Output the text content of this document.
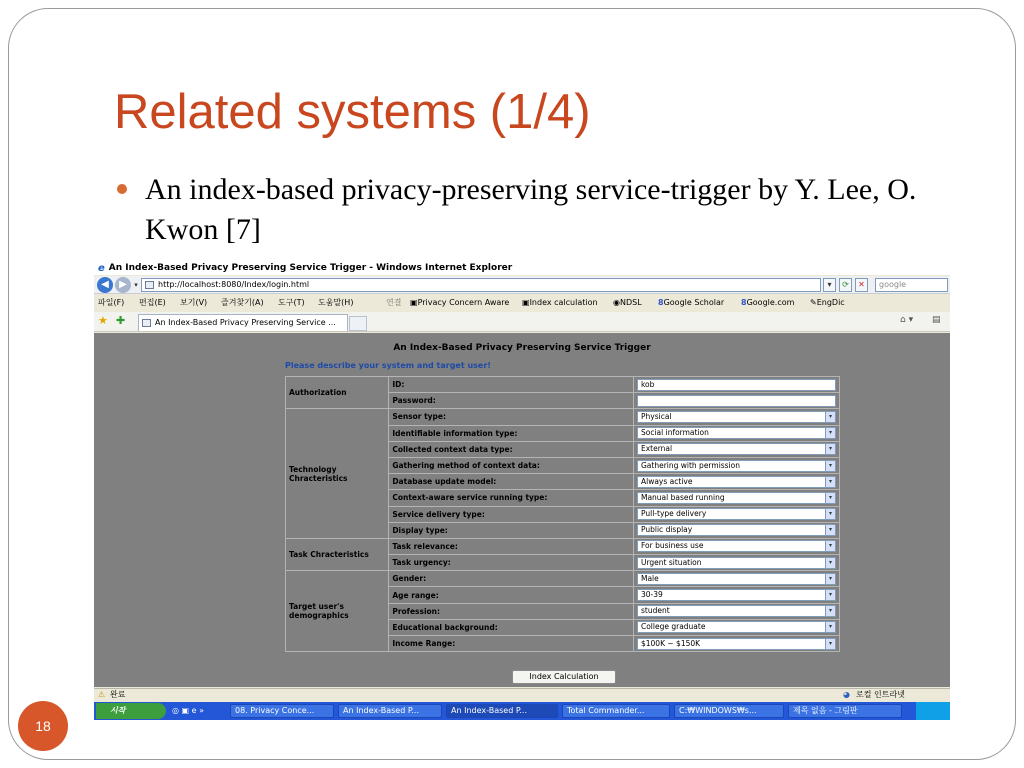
Related systems (1/4)
An index-based privacy-preserving service-trigger by Y. Lee, O. Kwon [7]
18
e An Index-Based Privacy Preserving Service Trigger - Windows Internet Explorer
◀	▶	▾	http://localhost:8080/Index/login.html	▾	⟳	✕	google
파일(F) 편집(E) 보기(V) 즐겨찾기(A) 도구(T) 도움말(H)	연결 ▣ Privacy Concern Aware ▣ Index calculation ◉ NDSL 8 Google Scholar 8 Google.com ✎ EngDic
★ ✚	An Index-Based Privacy Preserving Service ...	⌂ ▾ ▤
An Index-Based Privacy Preserving Service Trigger
Please describe your system and target user!
Authorization	ID:	kob

	Password:	

Technology Chracteristics	Sensor type:	Physical ▾

	Identifiable information type:	Social information ▾

	Collected context data type:	External ▾

	Gathering method of context data:	Gathering with permission ▾

	Database update model:	Always active ▾

	Context-aware service running type:	Manual based running ▾

	Service delivery type:	Pull-type delivery ▾

	Display type:	Public display ▾

Task Chracteristics	Task relevance:	For business use ▾

	Task urgency:	Urgent situation ▾

Target user's demographics	Gender:	Male ▾

	Age range:	30-39 ▾

	Profession:	student ▾

	Educational background:	College graduate ▾

	Income Range:	$100K ~ $150K ▾
Index Calculation
⚠ 완료	◕ 로컬 인트라넷
시작	◎ ▣ e »	08. Privacy Conce...	An Index-Based P...	An Index-Based P...	Total Commander...	C:₩WINDOWS₩s...	제목 없음 - 그림판
